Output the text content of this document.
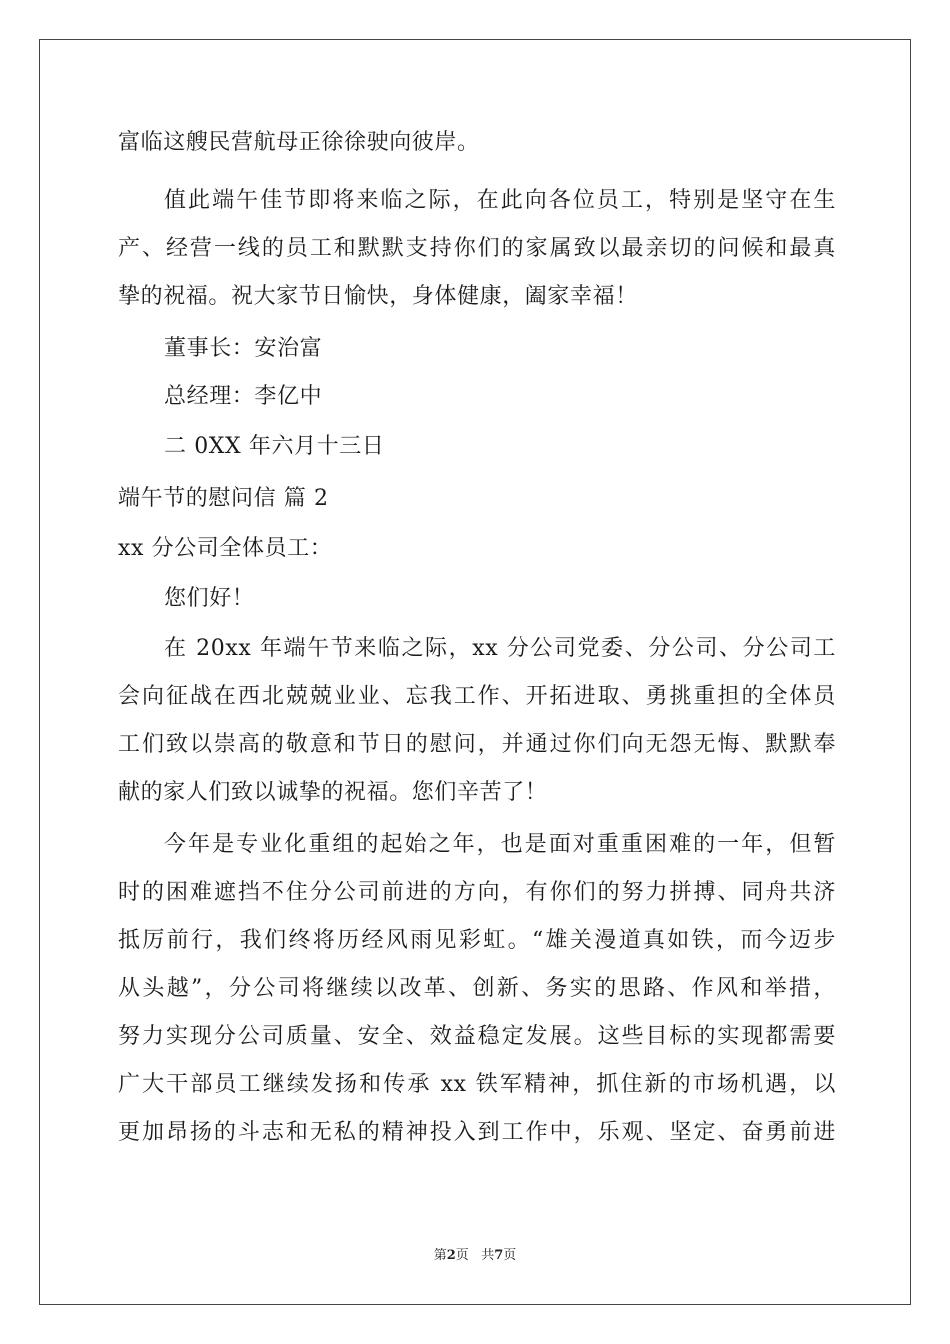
富临这艘民营航母正徐徐驶向彼岸。
值此端午佳节即将来临之际，在此向各位员工，特别是坚守在生
产、经营一线的员工和默默支持你们的家属致以最亲切的问候和最真
挚的祝福。祝大家节日愉快，身体健康，阖家幸福！
董事长：安治富
总经理：李亿中
二 0XX 年六月十三日
端午节的慰问信 篇 2
xx 分公司全体员工：
您们好！
在 20xx 年端午节来临之际，xx 分公司党委、分公司、分公司工
会向征战在西北兢兢业业、忘我工作、开拓进取、勇挑重担的全体员
工们致以崇高的敬意和节日的慰问，并通过你们向无怨无悔、默默奉
献的家人们致以诚挚的祝福。您们辛苦了！
今年是专业化重组的起始之年，也是面对重重困难的一年，但暂
时的困难遮挡不住分公司前进的方向，有你们的努力拼搏、同舟共济
抵厉前行，我们终将历经风雨见彩虹。“雄关漫道真如铁，而今迈步
从头越”，分公司将继续以改革、创新、务实的思路、作风和举措，
努力实现分公司质量、安全、效益稳定发展。这些目标的实现都需要
广大干部员工继续发扬和传承 xx 铁军精神，抓住新的市场机遇，以
更加昂扬的斗志和无私的精神投入到工作中，乐观、坚定、奋勇前进
第2页   共7页
